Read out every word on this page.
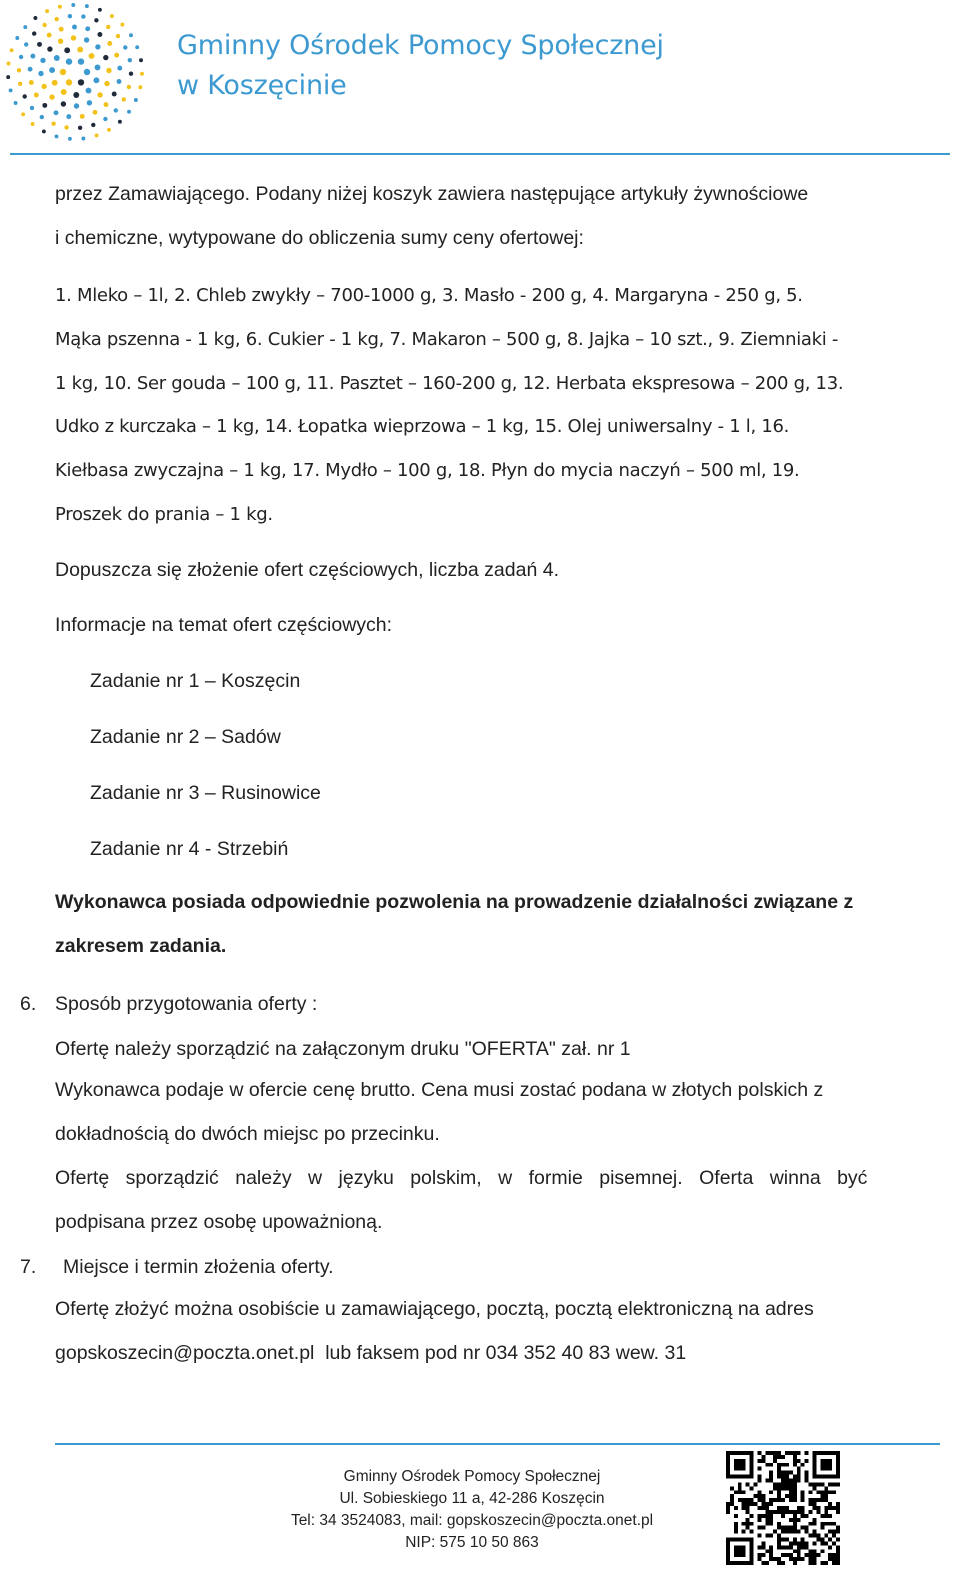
Gminny Ośrodek Pomocy Społecznej
w Koszęcinie
przez Zamawiającego. Podany niżej koszyk zawiera następujące artykuły żywnościowe
i chemiczne, wytypowane do obliczenia sumy ceny ofertowej:
1. Mleko – 1l, 2. Chleb zwykły – 700-1000 g, 3. Masło - 200 g, 4. Margaryna - 250 g, 5.
Mąka pszenna - 1 kg, 6. Cukier - 1 kg, 7. Makaron – 500 g, 8. Jajka – 10 szt., 9. Ziemniaki -
1 kg, 10. Ser gouda – 100 g, 11. Pasztet – 160-200 g, 12. Herbata ekspresowa – 200 g, 13.
Udko z kurczaka – 1 kg, 14. Łopatka wieprzowa – 1 kg, 15. Olej uniwersalny - 1 l, 16.
Kiełbasa zwyczajna – 1 kg, 17. Mydło – 100 g, 18. Płyn do mycia naczyń – 500 ml, 19.
Proszek do prania – 1 kg.
Dopuszcza się złożenie ofert częściowych, liczba zadań 4.
Informacje na temat ofert częściowych:
Zadanie nr 1 – Koszęcin
Zadanie nr 2 – Sadów
Zadanie nr 3 – Rusinowice
Zadanie nr 4 - Strzebiń
Wykonawca posiada odpowiednie pozwolenia na prowadzenie działalności związane z
zakresem zadania.
6. Sposób przygotowania oferty :
Ofertę należy sporządzić na załączonym druku "OFERTA" zał. nr 1
Wykonawca podaje w ofercie cenę brutto. Cena musi zostać podana w złotych polskich z
dokładnością do dwóch miejsc po przecinku.
Ofertę sporządzić należy w języku polskim, w formie pisemnej. Oferta winna być
podpisana przez osobę upoważnioną.
7. Miejsce i termin złożenia oferty.
Ofertę złożyć można osobiście u zamawiającego, pocztą, pocztą elektroniczną na adres
gopskoszecin@poczta.onet.pl  lub faksem pod nr 034 352 40 83 wew. 31
Gminny Ośrodek Pomocy Społecznej
Ul. Sobieskiego 11 a, 42-286 Koszęcin
Tel: 34 3524083, mail: gopskoszecin@poczta.onet.pl
NIP: 575 10 50 863
